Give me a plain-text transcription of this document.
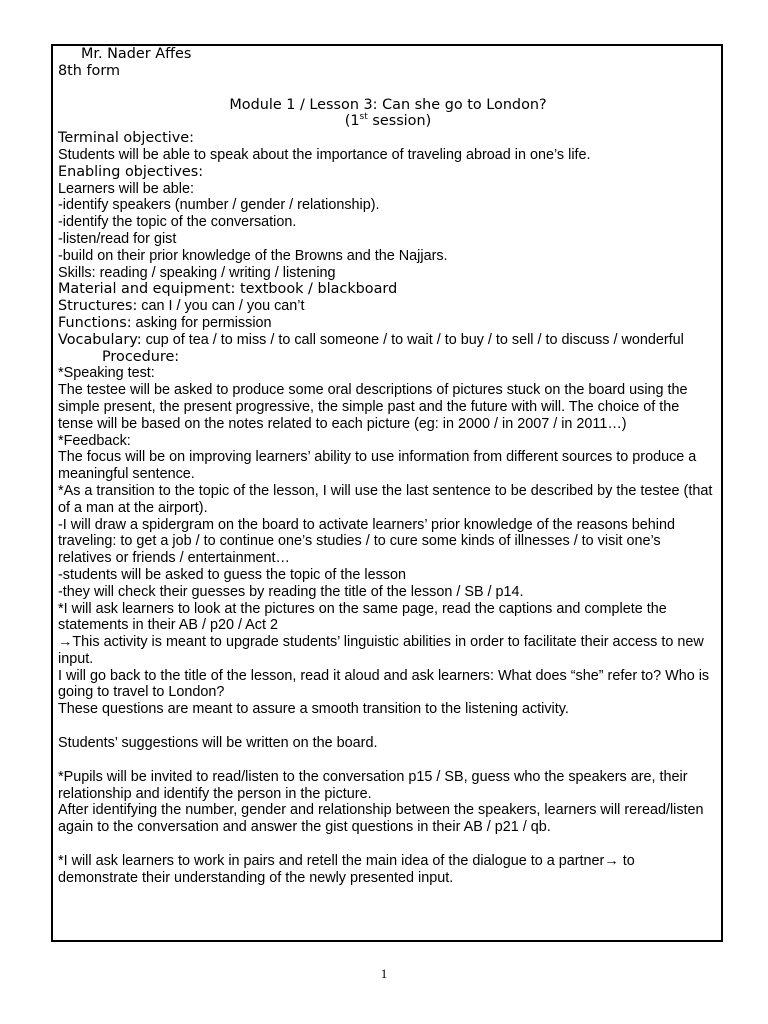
Mr. Nader Affes
8th form
Module 1 / Lesson 3: Can she go to London?
(1st session)
Terminal objective:
Students will be able to speak about the importance of traveling abroad in one’s life.
Enabling objectives:
Learners will be able:
-identify speakers (number / gender / relationship).
-identify the topic of the conversation.
-listen/read for gist
-build on their prior knowledge of the Browns and the Najjars.
Skills: reading / speaking / writing / listening
Material and equipment: textbook / blackboard
Structures: can I / you can / you can’t
Functions: asking for permission
Vocabulary: cup of tea / to miss / to call someone / to wait / to buy / to sell / to discuss / wonderful
Procedure:
*Speaking test:
The testee will be asked to produce some oral descriptions of pictures stuck on the board using the simple present, the present progressive, the simple past and the future with will. The choice of the tense will be based on the notes related to each picture (eg: in 2000 / in 2007 / in 2011…)
*Feedback:
The focus will be on improving learners’ ability to use information from different sources to produce a meaningful sentence.
*As a transition to the topic of the lesson, I will use the last sentence to be described by the testee (that of a man at the airport).
-I will draw a spidergram on the board to activate learners’ prior knowledge of the reasons behind traveling: to get a job / to continue one’s studies / to cure some kinds of illnesses / to visit one’s relatives or friends / entertainment…
-students will be asked to guess the topic of the lesson
-they will check their guesses by reading the title of the lesson / SB / p14.
*I will ask learners to look at the pictures on the same page, read the captions and complete the statements in their AB / p20 / Act 2
→This activity is meant to upgrade students’ linguistic abilities in order to facilitate their access to new input.
I will go back to the title of the lesson, read it aloud and ask learners: What does “she” refer to? Who is going to travel to London?
These questions are meant to assure a smooth transition to the listening activity.
Students’ suggestions will be written on the board.
*Pupils will be invited to read/listen to the conversation p15 / SB, guess who the speakers are, their relationship and identify the person in the picture.
After identifying the number, gender and relationship between the speakers, learners will reread/listen again to the conversation and answer the gist questions in their AB / p21 / qb.
*I will ask learners to work in pairs and retell the main idea of the dialogue to a partner→ to demonstrate their understanding of the newly presented input.
1
